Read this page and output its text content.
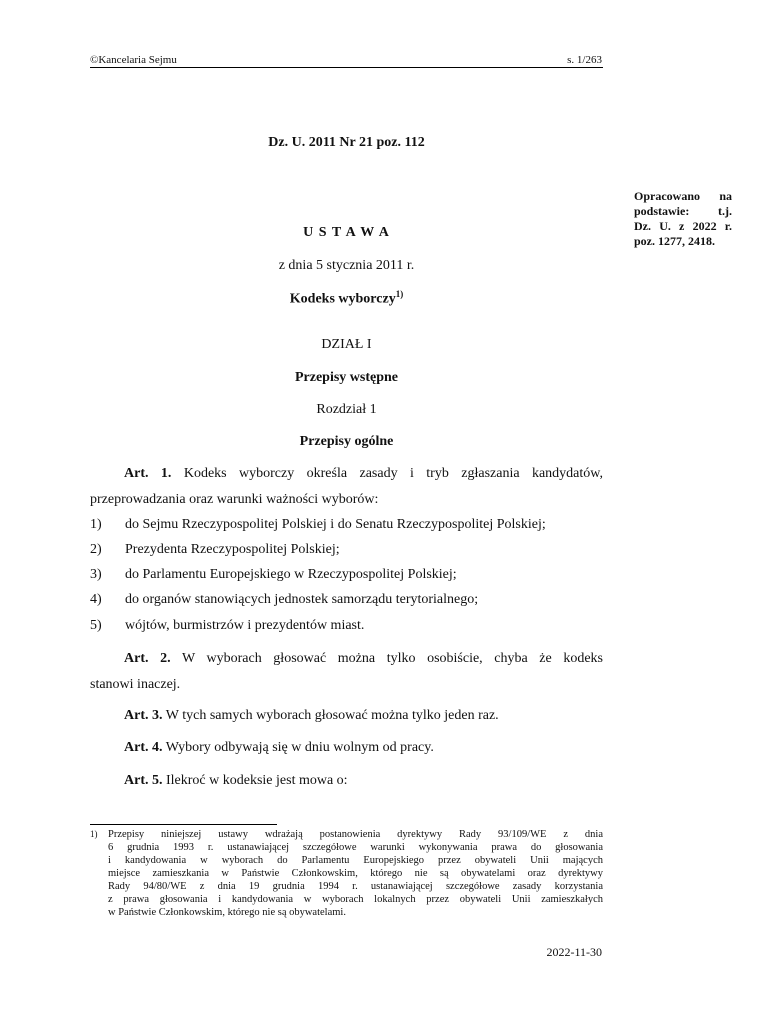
©Kancelaria Sejmu	s. 1/263
Dz. U. 2011 Nr 21 poz. 112
Opracowano na
podstawie: t.j.
Dz. U. z 2022 r.
poz. 1277, 2418.
U S T A W A
z dnia 5 stycznia 2011 r.
Kodeks wyborczy$^{1)}$
DZIAŁ I
Przepisy wstępne
Rozdział 1
Przepisy ogólne
Art. 1. Kodeks wyborczy określa zasady i tryb zgłaszania kandydatów,
przeprowadzania oraz warunki ważności wyborów:
1) do Sejmu Rzeczypospolitej Polskiej i do Senatu Rzeczypospolitej Polskiej;
2) Prezydenta Rzeczypospolitej Polskiej;
3) do Parlamentu Europejskiego w Rzeczypospolitej Polskiej;
4) do organów stanowiących jednostek samorządu terytorialnego;
5) wójtów, burmistrzów i prezydentów miast.
Art. 2. W wyborach głosować można tylko osobiście, chyba że kodeks
stanowi inaczej.
Art. 3. W tych samych wyborach głosować można tylko jeden raz.
Art. 4. Wybory odbywają się w dniu wolnym od pracy.
Art. 5. Ilekroć w kodeksie jest mowa o:
1) Przepisy niniejszej ustawy wdrażają postanowienia dyrektywy Rady 93/109/WE z dnia
6 grudnia 1993 r. ustanawiającej szczegółowe warunki wykonywania prawa do głosowania
i kandydowania w wyborach do Parlamentu Europejskiego przez obywateli Unii mających
miejsce zamieszkania w Państwie Członkowskim, którego nie są obywatelami oraz dyrektywy
Rady 94/80/WE z dnia 19 grudnia 1994 r. ustanawiającej szczegółowe zasady korzystania
z prawa głosowania i kandydowania w wyborach lokalnych przez obywateli Unii zamieszkałych
w Państwie Członkowskim, którego nie są obywatelami.
2022-11-30
